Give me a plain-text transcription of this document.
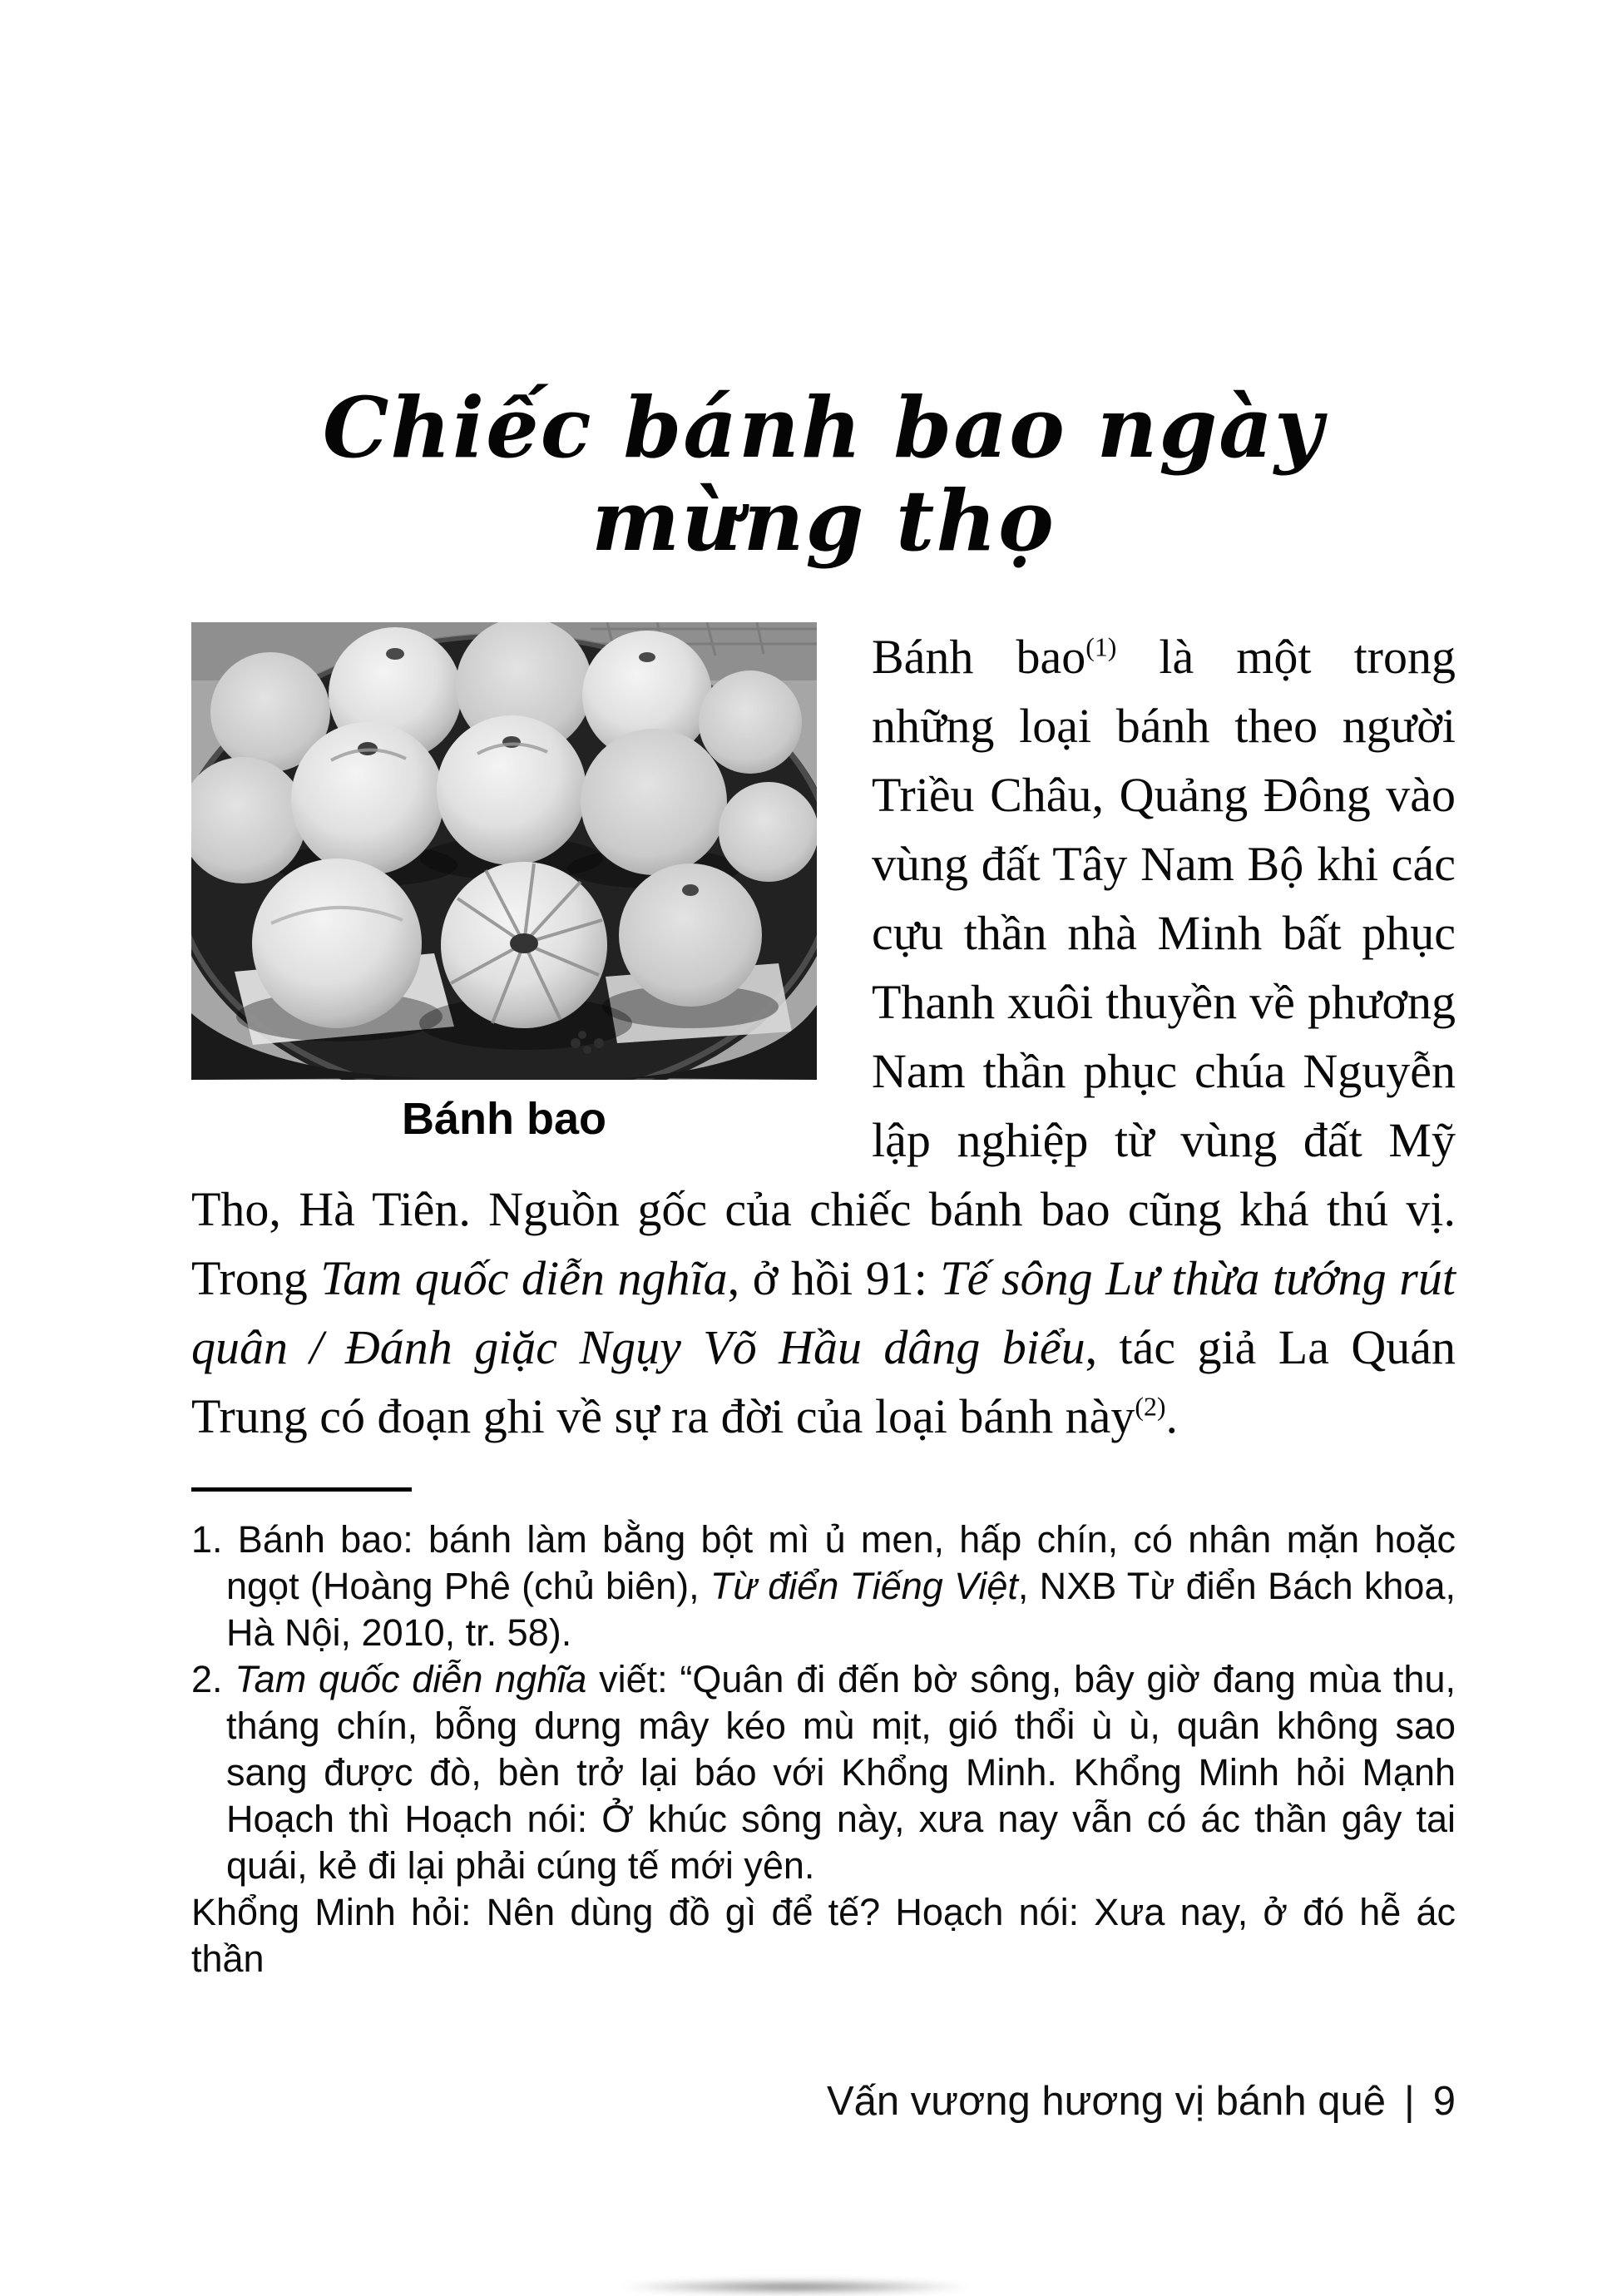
Chiếc bánh bao ngày mừng thọ
Bánh bao

Bánh bao$^{(1)}$ là một trong những loại bánh theo người Triều Châu, Quảng Đông vào vùng đất Tây Nam Bộ khi các cựu thần nhà Minh bất phục Thanh xuôi thuyền về phương Nam thần phục chúa Nguyễn lập nghiệp từ vùng đất Mỹ Tho, Hà Tiên. Nguồn gốc của chiếc bánh bao cũng khá thú vị. Trong Tam quốc diễn nghĩa, ở hồi 91: Tế sông Lư thừa tướng rút quân / Đánh giặc Ngụy Võ Hầu dâng biểu, tác giả La Quán Trung có đoạn ghi về sự ra đời của loại bánh này$^{(2)}$.

1. Bánh bao: bánh làm bằng bột mì ủ men, hấp chín, có nhân mặn hoặc ngọt (Hoàng Phê (chủ biên), Từ điển Tiếng Việt, NXB Từ điển Bách khoa, Hà Nội, 2010, tr. 58).

2. Tam quốc diễn nghĩa viết: “Quân đi đến bờ sông, bây giờ đang mùa thu, tháng chín, bỗng dưng mây kéo mù mịt, gió thổi ù ù, quân không sao sang được đò, bèn trở lại báo với Khổng Minh. Khổng Minh hỏi Mạnh Hoạch thì Hoạch nói: Ở khúc sông này, xưa nay vẫn có ác thần gây tai quái, kẻ đi lại phải cúng tế mới yên.

Khổng Minh hỏi: Nên dùng đồ gì để tế? Hoạch nói: Xưa nay, ở đó hễ ác thần

Vấn vương hương vị bánh quê | 9
